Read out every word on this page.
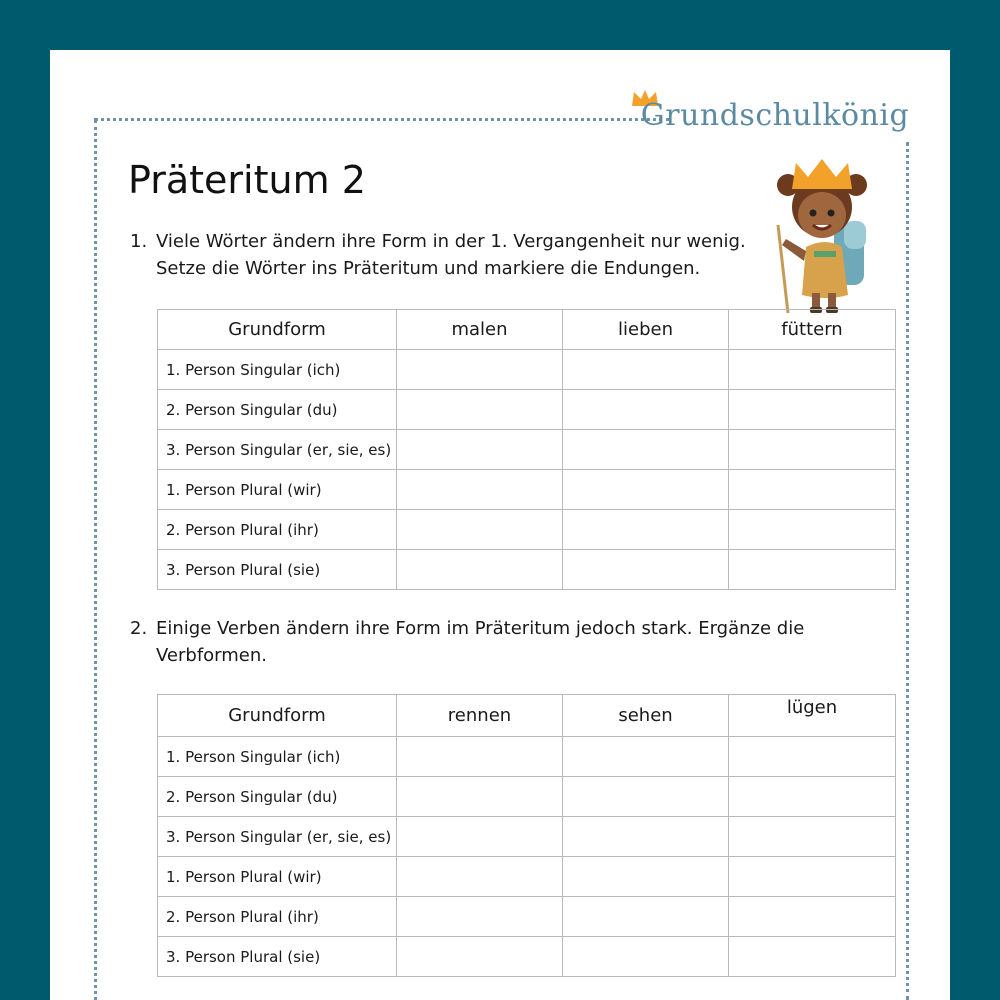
Grundschulkönig
Präteritum 2
1. Viele Wörter ändern ihre Form in der 1. Vergangenheit nur wenig.
Setze die Wörter ins Präteritum und markiere die Endungen.
Grundform	malen	lieben	füttern
1. Person Singular (ich)			
2. Person Singular (du)			
3. Person Singular (er, sie, es)			
1. Person Plural (wir)			
2. Person Plural (ihr)			
3. Person Plural (sie)			
2. Einige Verben ändern ihre Form im Präteritum jedoch stark. Ergänze die
Verbformen.
Grundform	rennen	sehen	lügen
1. Person Singular (ich)			
2. Person Singular (du)			
3. Person Singular (er, sie, es)			
1. Person Plural (wir)			
2. Person Plural (ihr)			
3. Person Plural (sie)			
